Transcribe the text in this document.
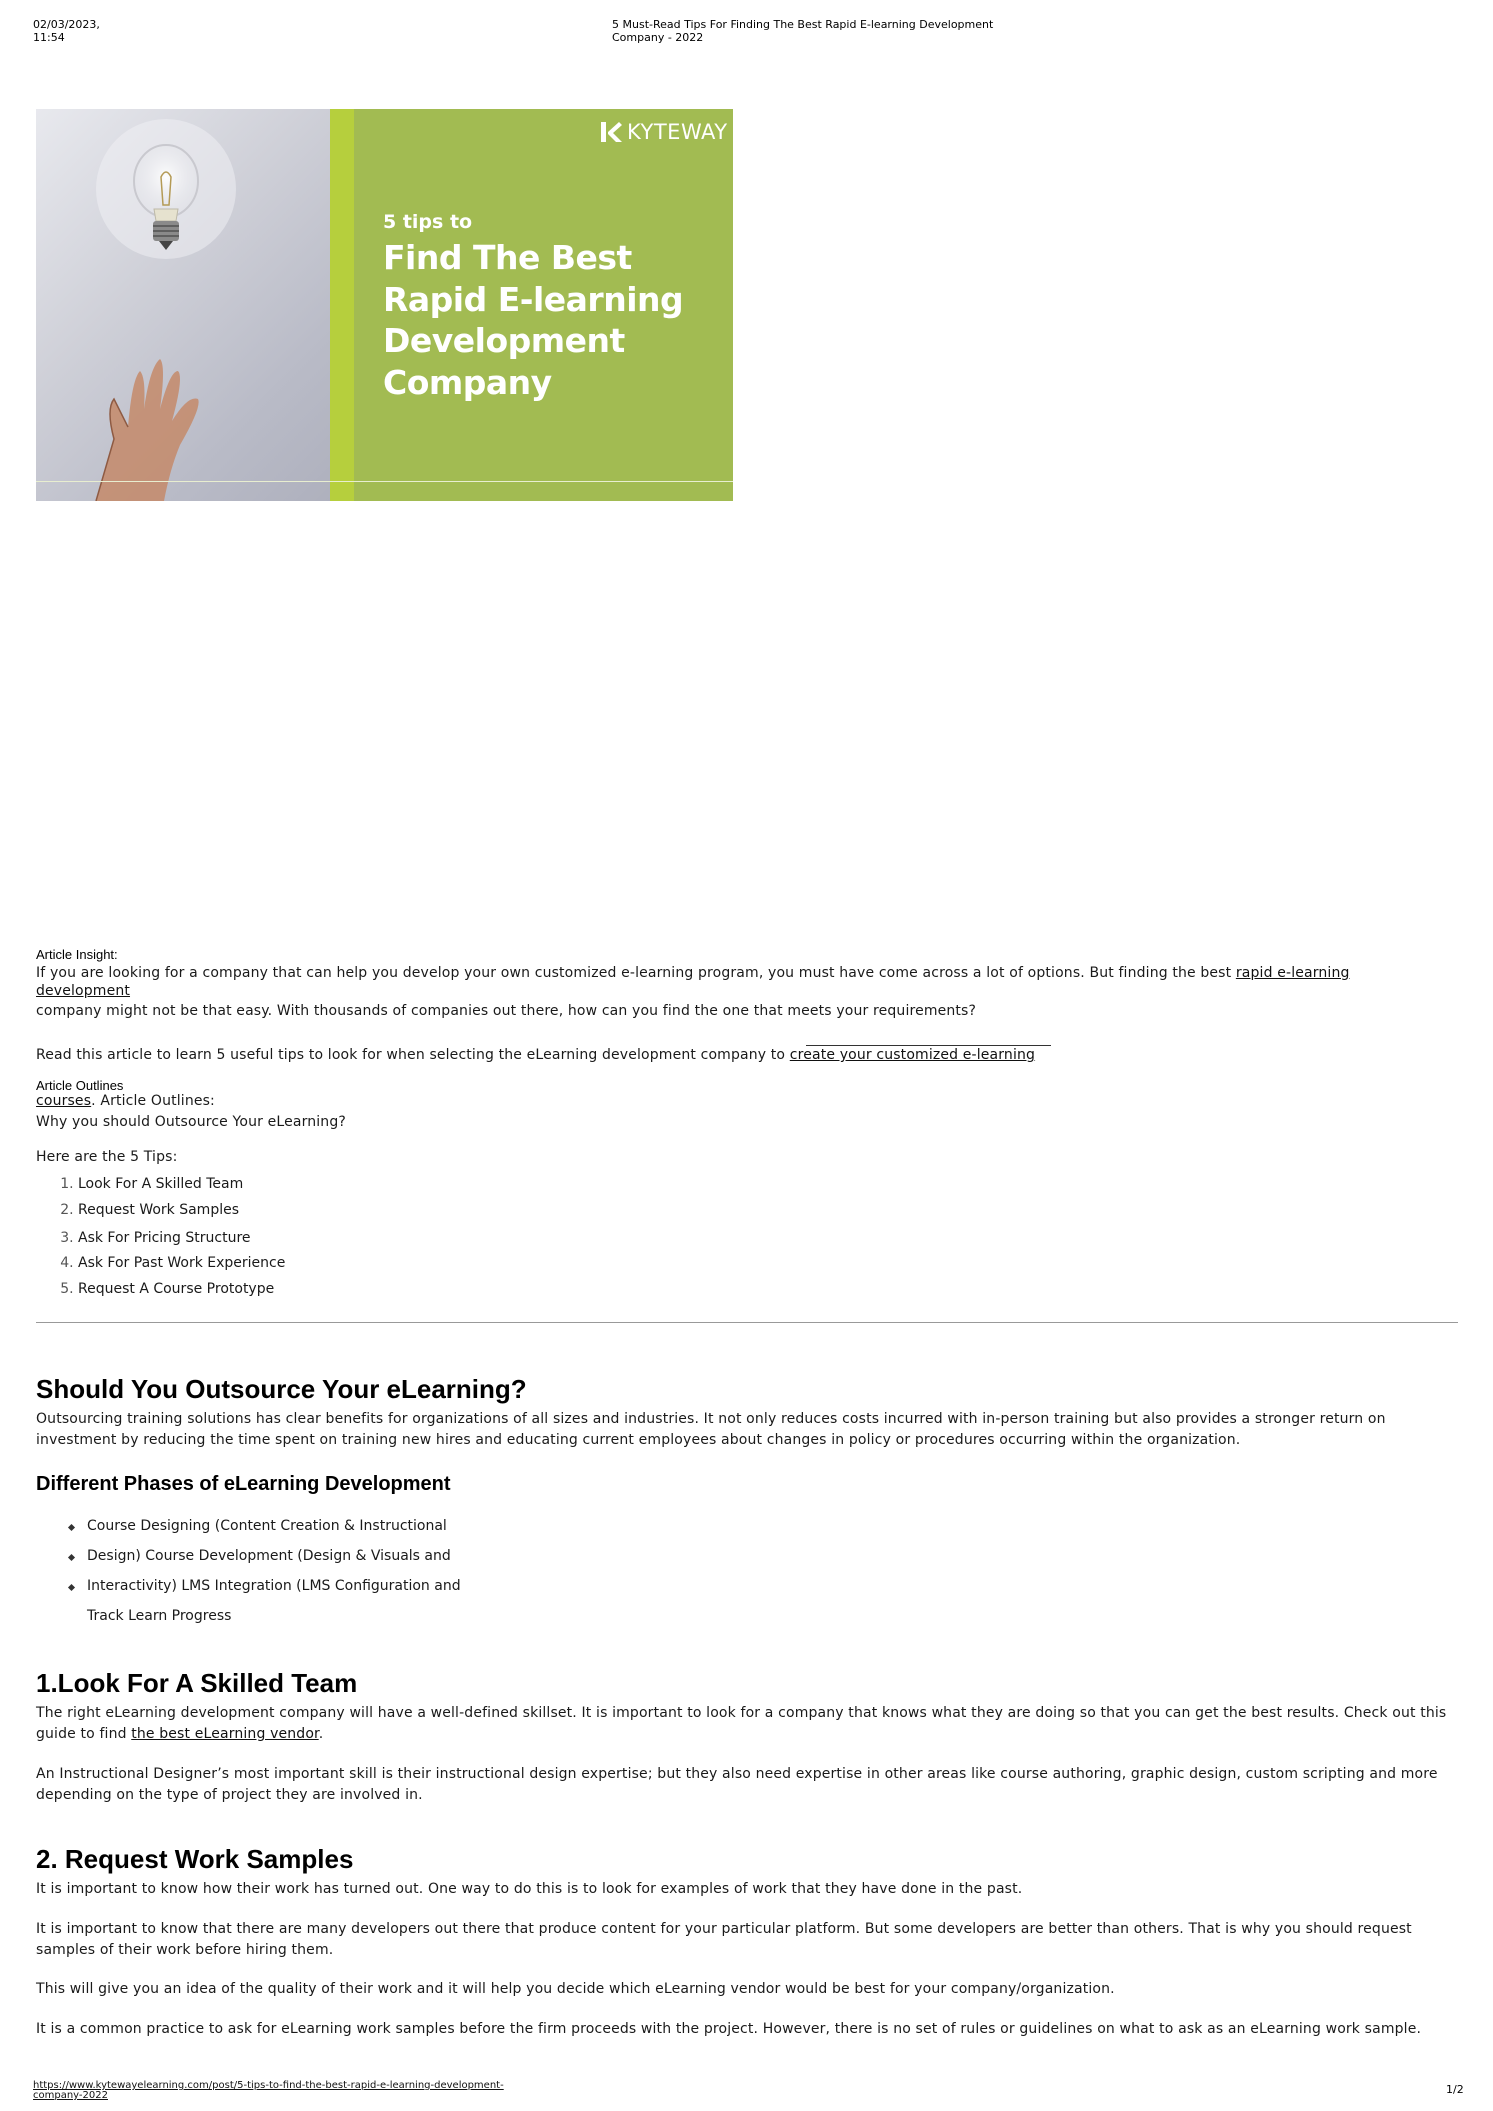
02/03/2023,
11:54
5 Must-Read Tips For Finding The Best Rapid E-learning Development
Company - 2022
KYTEWAY
5 tips to
Find The Best
Rapid E-learning
Development
Company
Article Insight:
If you are looking for a company that can help you develop your own customized e-learning program, you must have come across a lot of options. But finding the best rapid e-learning
development
company might not be that easy. With thousands of companies out there, how can you find the one that meets your requirements?
Read this article to learn 5 useful tips to look for when selecting the eLearning development company to create your customized e-learning
Article Outlines
courses. Article Outlines:
Why you should Outsource Your eLearning?
Here are the 5 Tips:
1. Look For A Skilled Team
2. Request Work Samples
3. Ask For Pricing Structure
4. Ask For Past Work Experience
5. Request A Course Prototype
Should You Outsource Your eLearning?
Outsourcing training solutions has clear benefits for organizations of all sizes and industries. It not only reduces costs incurred with in-person training but also provides a stronger return on
investment by reducing the time spent on training new hires and educating current employees about changes in policy or procedures occurring within the organization.
Different Phases of eLearning Development
Course Designing (Content Creation & Instructional
Design) Course Development (Design & Visuals and
Interactivity) LMS Integration (LMS Configuration and
Track Learn Progress
1.Look For A Skilled Team
The right eLearning development company will have a well-defined skillset. It is important to look for a company that knows what they are doing so that you can get the best results. Check out this
guide to find the best eLearning vendor.
An Instructional Designer’s most important skill is their instructional design expertise; but they also need expertise in other areas like course authoring, graphic design, custom scripting and more
depending on the type of project they are involved in.
2. Request Work Samples
It is important to know how their work has turned out. One way to do this is to look for examples of work that they have done in the past.
It is important to know that there are many developers out there that produce content for your particular platform. But some developers are better than others. That is why you should request
samples of their work before hiring them.
This will give you an idea of the quality of their work and it will help you decide which eLearning vendor would be best for your company/organization.
It is a common practice to ask for eLearning work samples before the firm proceeds with the project. However, there is no set of rules or guidelines on what to ask as an eLearning work sample.
https://www.kytewayelearning.com/post/5-tips-to-find-the-best-rapid-e-learning-development-
company-2022	1/2
